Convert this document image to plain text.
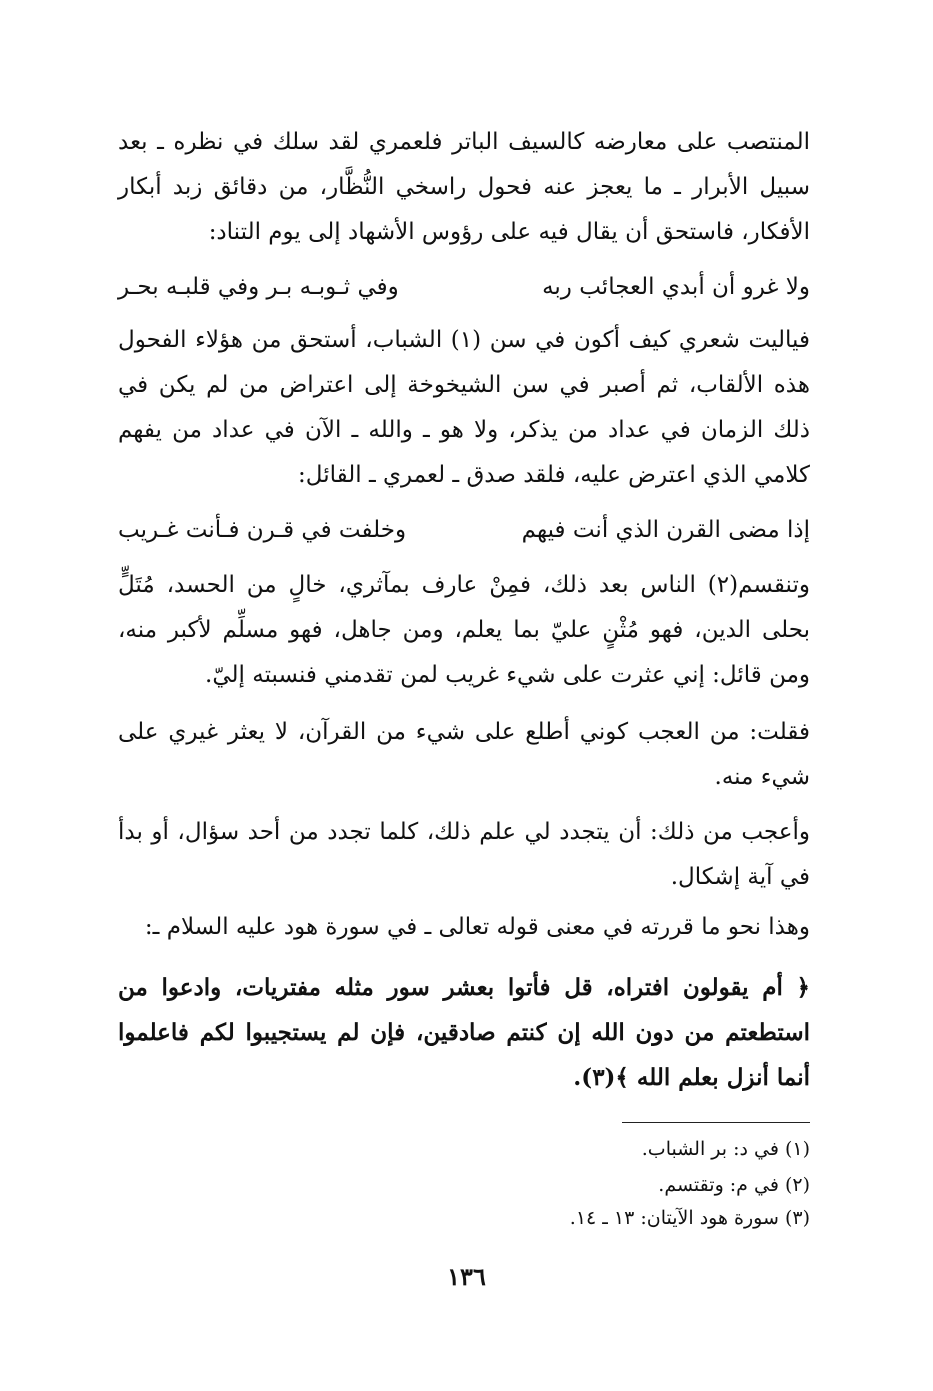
المنتصب على معارضه كالسيف الباتر فلعمري لقد سلك في نظره ـ بعد سبيل الأبرار ـ ما يعجز عنه فحول راسخي النُّظَّار، من دقائق زبد أبكار الأفكار، فاستحق أن يقال فيه على رؤوس الأشهاد إلى يوم التناد:
ولا غرو أن أبدي العجائب ربه
وفي ثـوبـه بـر وفي قلبـه بحـر
فياليت شعري كيف أكون في سن (١) الشباب، أستحق من هؤلاء الفحول هذه الألقاب، ثم أصبر في سن الشيخوخة إلى اعتراض من لم يكن في ذلك الزمان في عداد من يذكر، ولا هو ـ والله ـ الآن في عداد من يفهم كلامي الذي اعترض عليه، فلقد صدق ـ لعمري ـ القائل:
إذا مضى القرن الذي أنت فيهم
وخلفت في قـرن فـأنت غـريب
وتنقسم(٢) الناس بعد ذلك، فمِنْ عارف بمآثري، خالٍ من الحسد، مُتَلٍّ بحلى الدين، فهو مُثْنٍ عليّ بما يعلم، ومن جاهل، فهو مسلِّم لأكبر منه، ومن قائل: إني عثرت على شيء غريب لمن تقدمني فنسبته إليّ.
فقلت: من العجب كوني أطلع على شيء من القرآن، لا يعثر غيري على شيء منه.
وأعجب من ذلك: أن يتجدد لي علم ذلك، كلما تجدد من أحد سؤال، أو بدأ في آية إشكال.
وهذا نحو ما قررته في معنى قوله تعالى ـ في سورة هود عليه السلام ـ:
﴿ أم يقولون افتراه، قل فأتوا بعشر سور مثله مفتريات، وادعوا من استطعتم من دون الله إن كنتم صادقين، فإن لم يستجيبوا لكم فاعلموا أنما أنزل بعلم الله ﴾(٣).
(١) في د: بر الشباب.
(٢) في م: وتقتسم.
(٣) سورة هود الآيتان: ١٣ ـ ١٤.
١٣٦
